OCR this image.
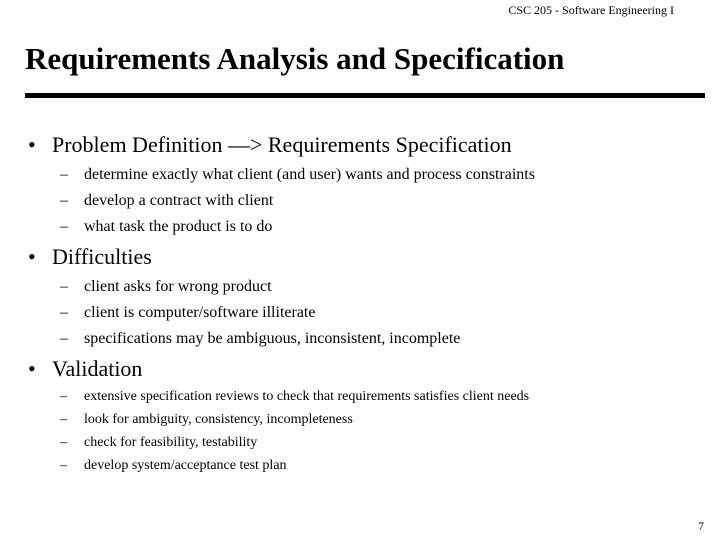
CSC 205 - Software Engineering I
Requirements Analysis and Specification
• Problem Definition —> Requirements Specification
– determine exactly what client (and user) wants and process constraints
– develop a contract with client
– what task the product is to do
• Difficulties
– client asks for wrong product
– client is computer/software illiterate
– specifications may be ambiguous, inconsistent, incomplete
• Validation
– extensive specification reviews to check that requirements satisfies client needs
– look for ambiguity, consistency, incompleteness
– check for feasibility, testability
– develop system/acceptance test plan
7
